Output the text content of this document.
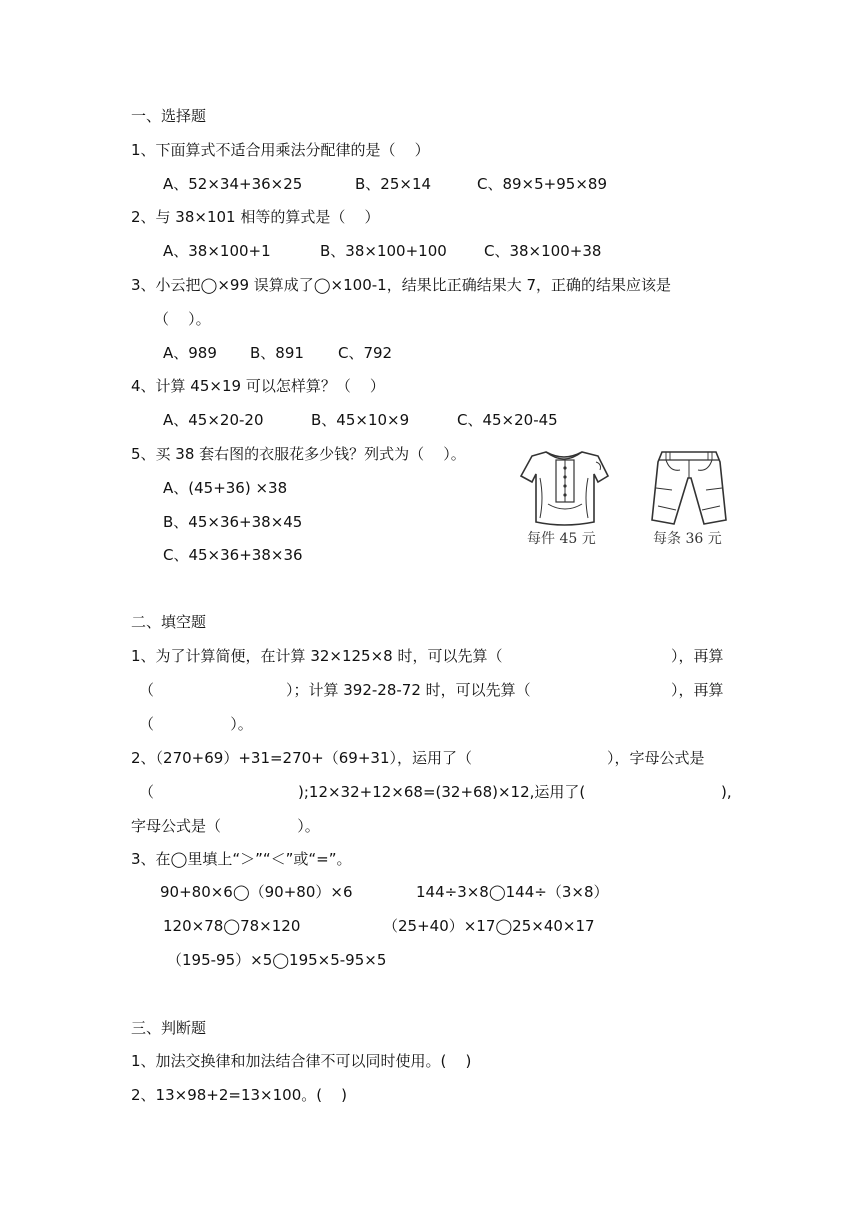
一、选择题
1、下面算式不适合用乘法分配律的是（    ）
A、52×34+36×25	B、25×14	C、89×5+95×89
2、与 38×101 相等的算式是（    ）
A、38×100+1	B、38×100+100 C、38×100+38
3、小云把◯×99 误算成了◯×100-1，结果比正确结果大 7，正确的结果应该是
（    ）。
A、989 B、891 C、792
4、计算 45×19 可以怎样算？（    ）
A、45×20-20	B、45×10×9	C、45×20-45
5、买 38 套右图的衣服花多少钱？列式为（    ）。
A、(45+36) ×38
B、45×36+38×45
C、45×36+38×36
每件 45 元	每条 36 元
二、填空题
1、为了计算简便，在计算 32×125×8 时，可以先算（	），再算
（	）；计算 392-28-72 时，可以先算（	），再算
（                ）。
2、（270+69）+31=270+（69+31），运用了（	），字母公式是
（	);12×32+12×68=(32+68)×12,运用了(	),
字母公式是（                ）。
3、在◯里填上“＞”“＜”或“=”。
90+80×6◯（90+80）×6	144÷3×8◯144÷（3×8）
120×78◯78×120	（25+40）×17◯25×40×17
（195-95）×5◯195×5-95×5
三、判断题
1、加法交换律和加法结合律不可以同时使用。(    )
2、13×98+2=13×100。(    )
